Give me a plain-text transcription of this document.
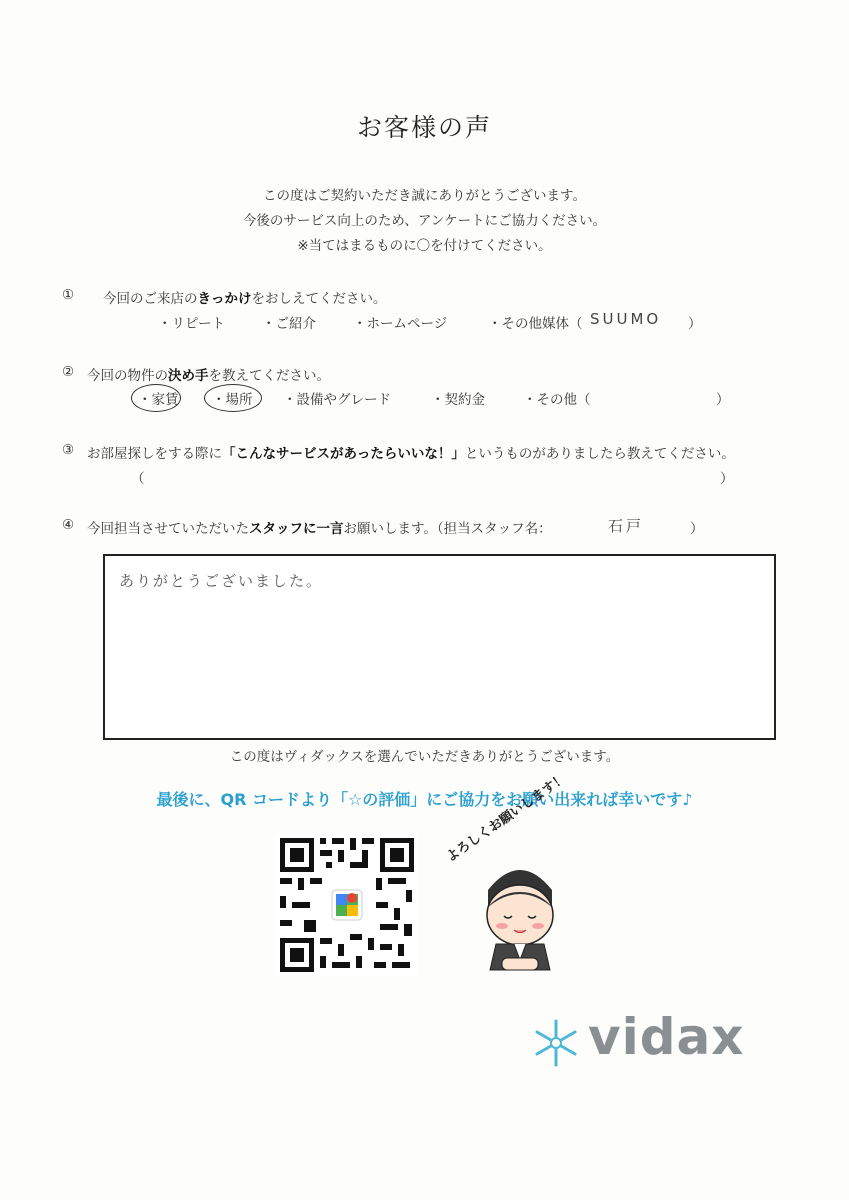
お客様の声
この度はご契約いただき誠にありがとうございます。
今後のサービス向上のため、アンケートにご協力ください。
※当てはまるものに〇を付けてください。
① 今回のご来店のきっかけをおしえてください。
・リピート	・ご紹介	・ホームページ	・その他媒体（ SUUMO ）
② 今回の物件の決め手を教えてください。
・家賃 ・場所 ・設備やグレード	・契約金	・その他（	）
③ お部屋探しをする際に「こんなサービスがあったらいいな！」というものがありましたら教えてください。
（	）
④ 今回担当させていただいたスタッフに一言お願いします。（担当スタッフ名：	石戸	）
ありがとうございました。
この度はヴィダックスを選んでいただきありがとうございます。
最後に、QR コードより「☆の評価」にご協力をお願い出来れば幸いです♪
よろしくお願いします！
vidax
